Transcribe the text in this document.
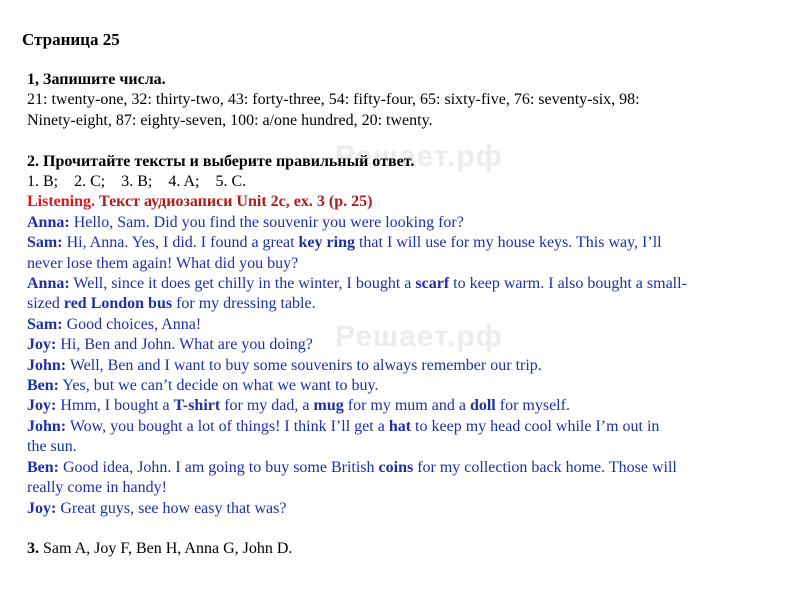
Решает.рф
Решает.рф
Страница 25
1, Запишите числа.
21: twenty-one, 32: thirty-two, 43: forty-three, 54: fifty-four, 65: sixty-five, 76: seventy-six, 98:
Ninety-eight, 87: eighty-seven, 100: a/one hundred, 20: twenty.
2. Прочитайте тексты и выберите правильный ответ.
1. B; 2. C; 3. B; 4. A; 5. C.
Listening. Текст аудиозаписи Unit 2c, ex. 3 (p. 25)
Anna: Hello, Sam. Did you find the souvenir you were looking for?
Sam: Hi, Anna. Yes, I did. I found a great key ring that I will use for my house keys. This way, I’ll
never lose them again! What did you buy?
Anna: Well, since it does get chilly in the winter, I bought a scarf to keep warm. I also bought a small-
sized red London bus for my dressing table.
Sam: Good choices, Anna!
Joy: Hi, Ben and John. What are you doing?
John: Well, Ben and I want to buy some souvenirs to always remember our trip.
Ben: Yes, but we can’t decide on what we want to buy.
Joy: Hmm, I bought a T-shirt for my dad, a mug for my mum and a doll for myself.
John: Wow, you bought a lot of things! I think I’ll get a hat to keep my head cool while I’m out in
the sun.
Ben: Good idea, John. I am going to buy some British coins for my collection back home. Those will
really come in handy!
Joy: Great guys, see how easy that was?
3. Sam A, Joy F, Ben H, Anna G, John D.
